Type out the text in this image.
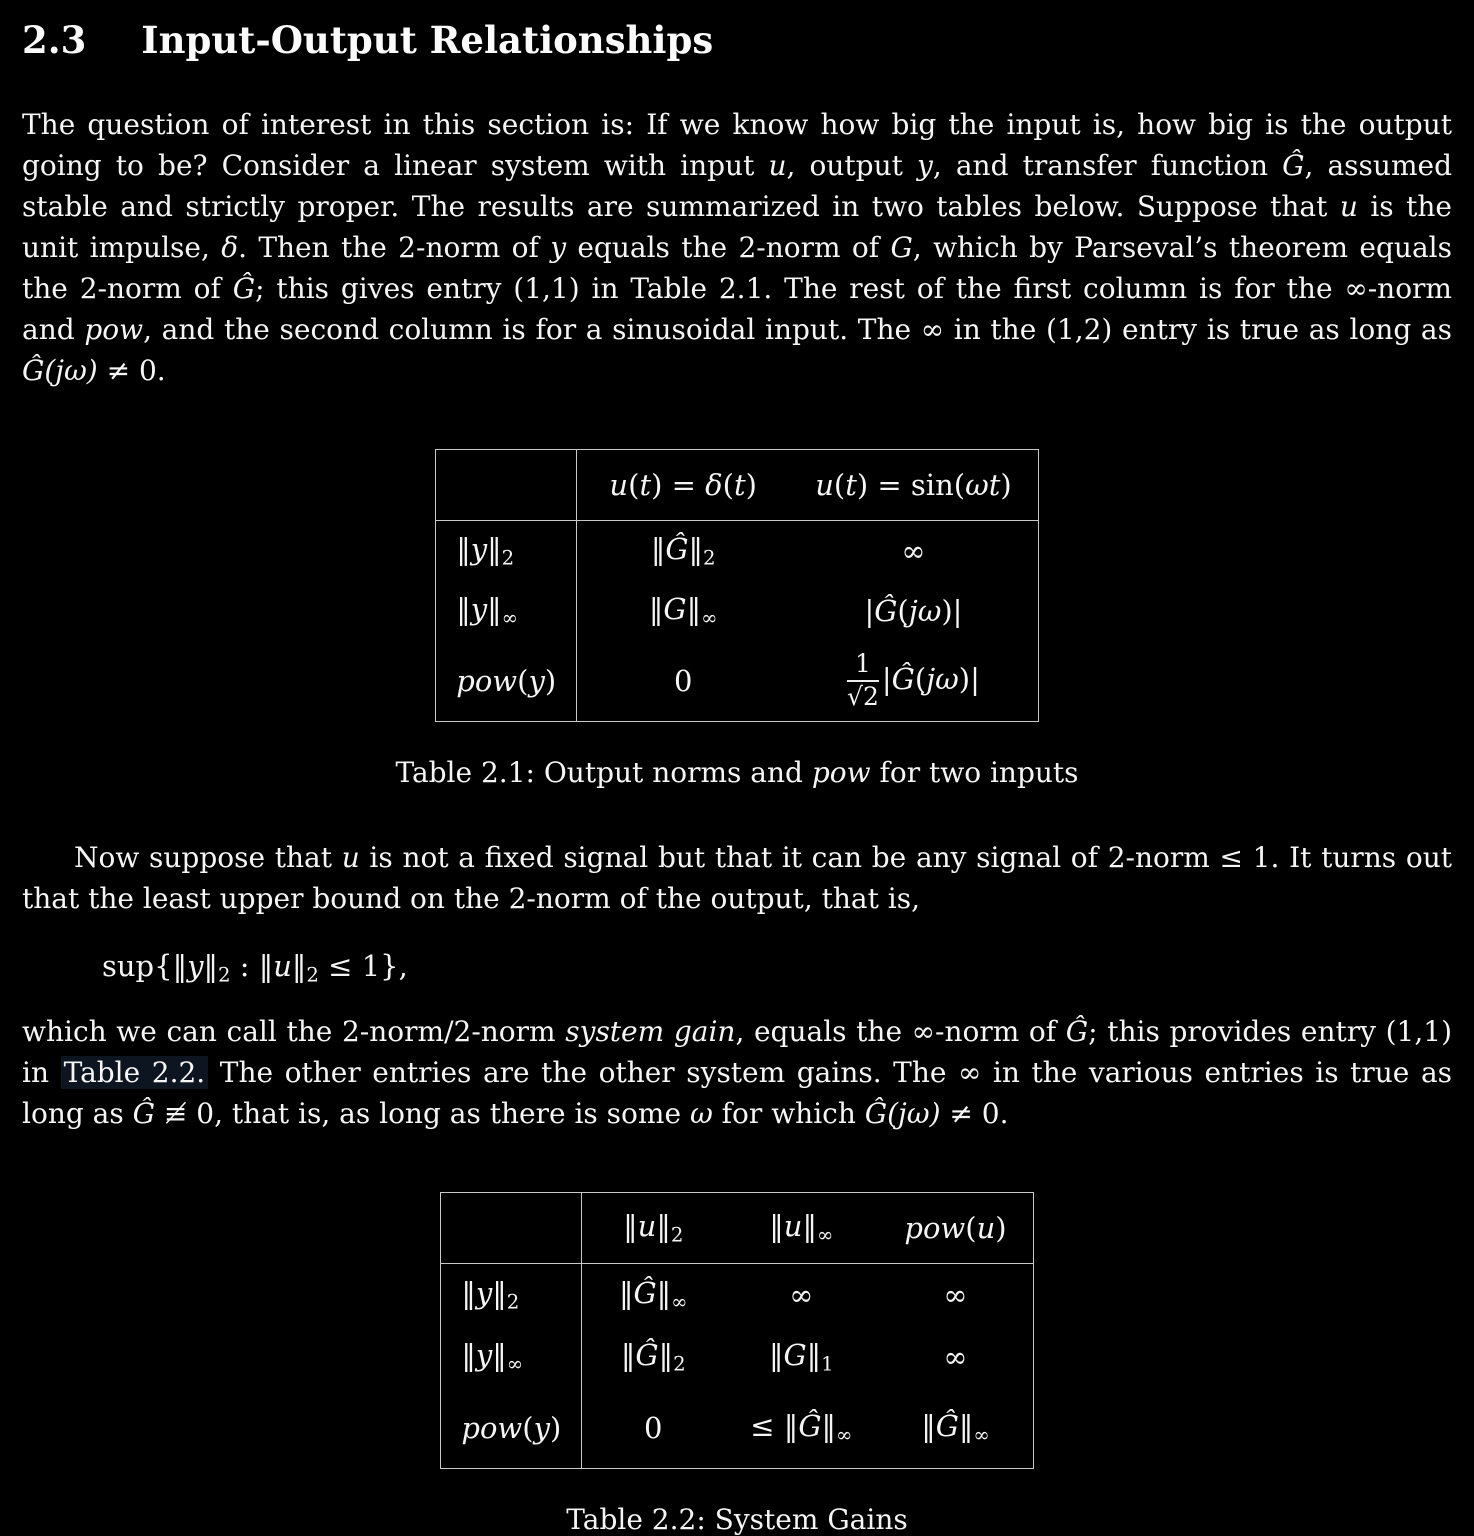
2.3 Input-Output Relationships

The question of interest in this section is: If we know how big the input is, how big is the output going to be? Consider a linear system with input u, output y, and transfer function Ĝ, assumed stable and strictly proper. The results are summarized in two tables below. Suppose that u is the unit impulse, δ. Then the 2-norm of y equals the 2-norm of G, which by Parseval’s theorem equals the 2-norm of Ĝ; this gives entry (1,1) in Table 2.1. The rest of the first column is for the ∞-norm and pow, and the second column is for a sinusoidal input. The ∞ in the (1,2) entry is true as long as Ĝ(jω) ≠ 0.

	u(t) = δ(t)	u(t) = sin(ωt)
‖y‖2	‖Ĝ‖2	∞
‖y‖∞	‖G‖∞	|Ĝ(jω)|
pow(y)	0	$\frac{1}{√2}$ |Ĝ(jω)|
Table 2.1: Output norms and pow for two inputs

Now suppose that u is not a fixed signal but that it can be any signal of 2-norm ≤ 1. It turns out that the least upper bound on the 2-norm of the output, that is,

sup{‖y‖2 : ‖u‖2 ≤ 1},

which we can call the 2-norm/2-norm system gain, equals the ∞-norm of Ĝ; this provides entry (1,1) in Table 2.2. The other entries are the other system gains. The ∞ in the various entries is true as long as Ĝ ≢ 0, that is, as long as there is some ω for which Ĝ(jω) ≠ 0.

	‖u‖2	‖u‖∞	pow(u)
‖y‖2	‖Ĝ‖∞	∞	∞
‖y‖∞	‖Ĝ‖2	‖G‖1	∞
pow(y)	0	≤ ‖Ĝ‖∞	‖Ĝ‖∞
Table 2.2: System Gains
